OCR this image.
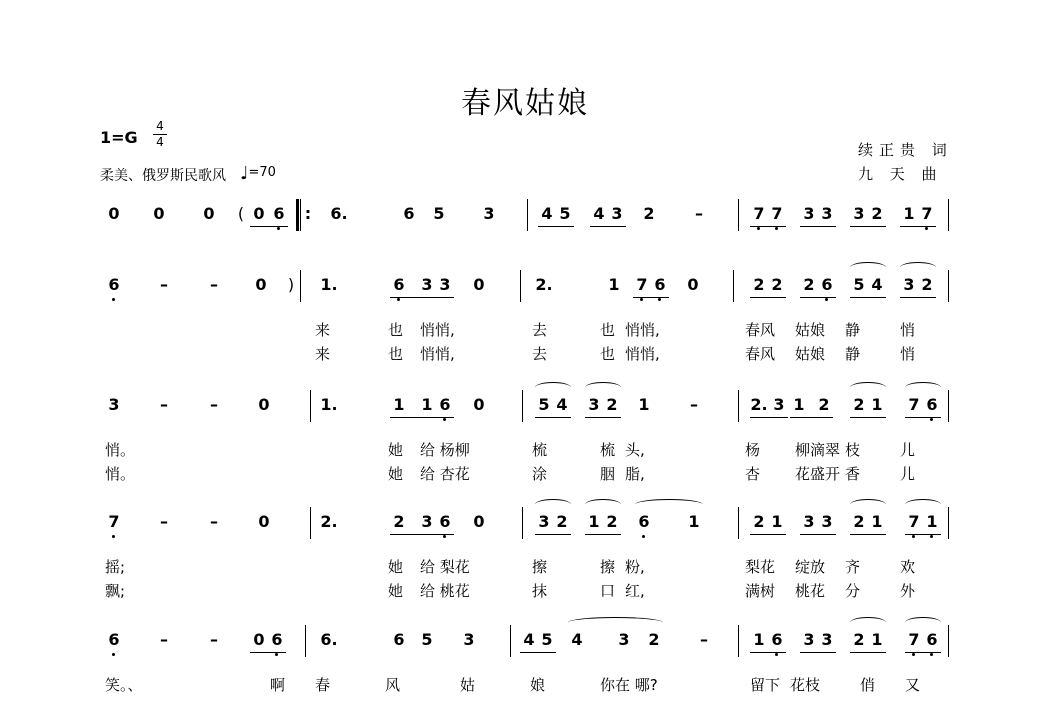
春风姑娘
1=G
4
4
柔美、俄罗斯民歌风 ♩=70
续正贵 词
九 天 曲
0 0 0	( 0 6	6.	6 5 3	4 5 4 3 2	–	7 7 3 3 3 2 1 7
:
6	–	–	0	)	1.	6 3 3 0	2.	1 7 6 0	2 2 2 6 5 4 3 2
来	也 悄悄,	去	也 悄悄,	春风 姑娘 静	悄
来	也 悄悄,	去	也 悄悄,	春风 姑娘 静	悄
3	–	–	0	1.	1 1 6 0	5 4 3 2 1	–	2. 3 1 2 2 1 7 6
悄。	她 给 杨柳	梳	梳 头,	杨 柳滴翠 枝	儿
悄。	她 给 杏花	涂	胭 脂,	杏 花盛开 香	儿
7	–	–	0	2.	2 3 6 0	3 2 1 2 6 1	2 1 3 3 2 1 7 1
摇;	她 给 梨花	擦	擦 粉,	梨花 绽放 齐	欢
飘;	她 给 桃花	抹	口 红,	满树 桃花 分	外
6	–	–	0 6 6.	6 5 3	4 5 4 3 2	–	1 6 3 3 2 1 7 6
笑。、	啊 春	风	姑	娘	你在 哪?	留下 花枝	俏 又
